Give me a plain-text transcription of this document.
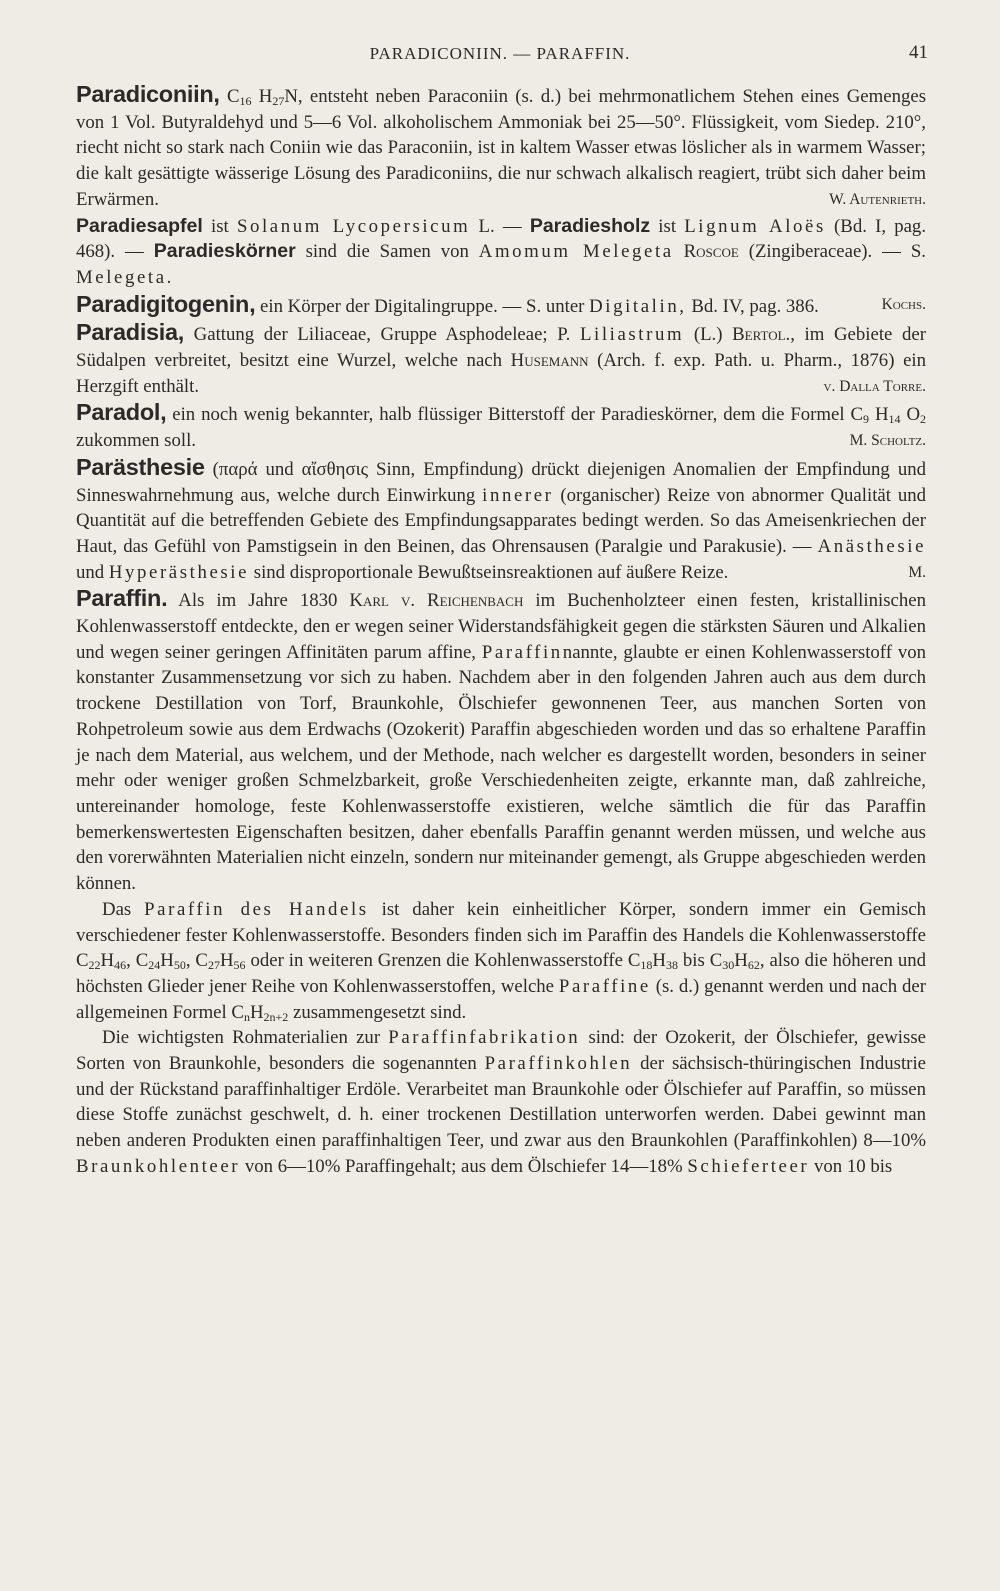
PARADICONIIN. — PARAFFIN.	41

Paradiconiin, $C_{16}$ $H_{27}N$, entsteht neben Paraconiin (s. d.) bei mehrmonatlichem Stehen eines Gemenges von 1 Vol. Butyraldehyd und 5—6 Vol. alkoholischem Ammoniak bei 25—50°. Flüssigkeit, vom Siedep. 210°, riecht nicht so stark nach Coniin wie das Paraconiin, ist in kaltem Wasser etwas löslicher als in warmem Wasser; die kalt gesättigte wässerige Lösung des Paradiconiins, die nur schwach alkalisch reagiert, trübt sich daher beim Erwärmen.	W. Autenrieth.

Paradiesapfel ist Solanum Lycopersicum L. — Paradiesholz ist Lignum Aloës (Bd. I, pag. 468). — Paradieskörner sind die Samen von Amomum Melegeta Roscoe (Zingiberaceae). — S. Melegeta.

Paradigitogenin, ein Körper der Digitalingruppe. — S. unter Digitalin, Bd. IV, pag. 386.	Kochs.

Paradisia, Gattung der Liliaceae, Gruppe Asphodeleae; P. Liliastrum (L.) Bertol., im Gebiete der Südalpen verbreitet, besitzt eine Wurzel, welche nach Husemann (Arch. f. exp. Path. u. Pharm., 1876) ein Herzgift enthält.	v. Dalla Torre.

Paradol, ein noch wenig bekannter, halb flüssiger Bitterstoff der Paradieskörner, dem die Formel $C_9$ $H_{14}$ $O_2$ zukommen soll.	M. Scholtz.

Parästhesie (παρά und αἴσθησις Sinn, Empfindung) drückt diejenigen Anomalien der Empfindung und Sinneswahrnehmung aus, welche durch Einwirkung innerer (organischer) Reize von abnormer Qualität und Quantität auf die betreffenden Gebiete des Empfindungsapparates bedingt werden. So das Ameisenkriechen der Haut, das Gefühl von Pamstigsein in den Beinen, das Ohrensausen (Paralgie und Parakusie). — Anästhesie und Hyperästhesie sind disproportionale Bewußtseinsreaktionen auf äußere Reize.	M.

Paraffin. Als im Jahre 1830 Karl v. Reichenbach im Buchenholzteer einen festen, kristallinischen Kohlenwasserstoff entdeckte, den er wegen seiner Widerstandsfähigkeit gegen die stärksten Säuren und Alkalien und wegen seiner geringen Affinitäten parum affine, Paraffinnannte, glaubte er einen Kohlenwasserstoff von konstanter Zusammensetzung vor sich zu haben. Nachdem aber in den folgenden Jahren auch aus dem durch trockene Destillation von Torf, Braunkohle, Ölschiefer gewonnenen Teer, aus manchen Sorten von Rohpetroleum sowie aus dem Erdwachs (Ozokerit) Paraffin abgeschieden worden und das so erhaltene Paraffin je nach dem Material, aus welchem, und der Methode, nach welcher es dargestellt worden, besonders in seiner mehr oder weniger großen Schmelzbarkeit, große Verschiedenheiten zeigte, erkannte man, daß zahlreiche, untereinander homologe, feste Kohlenwasserstoffe existieren, welche sämtlich die für das Paraffin bemerkenswertesten Eigenschaften besitzen, daher ebenfalls Paraffin genannt werden müssen, und welche aus den vorerwähnten Materialien nicht einzeln, sondern nur miteinander gemengt, als Gruppe abgeschieden werden können.

Das Paraffin des Handels ist daher kein einheitlicher Körper, sondern immer ein Gemisch verschiedener fester Kohlenwasserstoffe. Besonders finden sich im Paraffin des Handels die Kohlenwasserstoffe $C_{22}H_{46}$, $C_{24}H_{50}$, $C_{27}H_{56}$ oder in weiteren Grenzen die Kohlenwasserstoffe $C_{18}H_{38}$ bis $C_{30}H_{62}$, also die höheren und höchsten Glieder jener Reihe von Kohlenwasserstoffen, welche Paraffine (s. d.) genannt werden und nach der allgemeinen Formel $C_nH_{2n+2}$ zusammengesetzt sind.

Die wichtigsten Rohmaterialien zur Paraffinfabrikation sind: der Ozokerit, der Ölschiefer, gewisse Sorten von Braunkohle, besonders die sogenannten Paraffinkohlen der sächsisch-thüringischen Industrie und der Rückstand paraffinhaltiger Erdöle. Verarbeitet man Braunkohle oder Ölschiefer auf Paraffin, so müssen diese Stoffe zunächst geschwelt, d. h. einer trockenen Destillation unterworfen werden. Dabei gewinnt man neben anderen Produkten einen paraffinhaltigen Teer, und zwar aus den Braunkohlen (Paraffinkohlen) 8—10% Braunkohlenteer von 6—10% Paraffingehalt; aus dem Ölschiefer 14—18% Schieferteer von 10 bis
